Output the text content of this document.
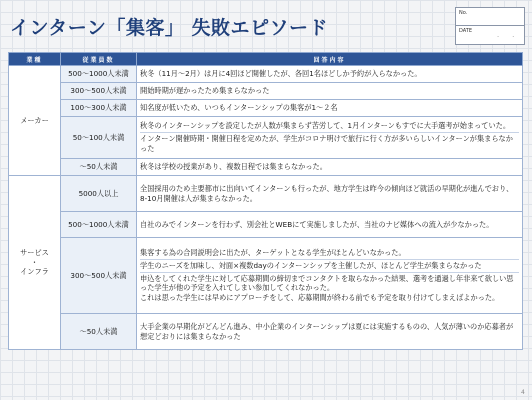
インターン「集客」 失敗エピソード
No.
DATE
. .
業種	従業員数	回答内容
メーカー	500～1000人未満	秋冬（11月～2月）は月に4回ほど開催したが、各回1名ほどしか予約が入らなかった。

	300～500人未満	開始時期が遅かったため集まらなかった

	100～300人未満	知名度が低いため、いつもインターンシップの集客が1～２名

	50～100人未満	秋冬のインターンシップを設定したが人数が集まらず苦労して、1月インターンもすでに大手選考が始まっていた。
インターン開催時期・開催日程を定めたが、学生がコロナ明けで旅行に行く方が多いらしいインターンが集まらなかった

	～50人未満	秋冬は学校の授業があり、複数日程では集まらなかった。

サービス
・
インフラ	5000人以上	全国採用のため主要都市に出向いてインターンも行ったが、地方学生は昨今の傾向ほど就活の早期化が進んでおり、8-10月開催は人が集まらなかった。

	500～1000人未満	自社のみでインターンを行わず、別会社とWEBにて実施しましたが、当社のナビ媒体への流入が少なかった。

	300～500人未満	集客する為の合同説明会に出たが、ターゲットとなる学生がほとんどいなかった。
学生のニーズを加味し、対面×複数dayのインターンシップを主催したが、ほとんど学生が集まらなかった
申込をしてくれた学生に対して応募期間の締切までコンタクトを取らなかった結果、選考を通過し年非来て欲しい思った学生が他の予定を入れてしまい参加してくれなかった。
これは思った学生には早めにアプローチをして、応募期間が終わる前でも予定を取り付けてしまえばよかった。

	～50人未満	大手企業の早期化がどんどん進み、中小企業のインターンシップは夏には実施するものの、人気が薄いのか応募者が想定どおりには集まらなかった
4
